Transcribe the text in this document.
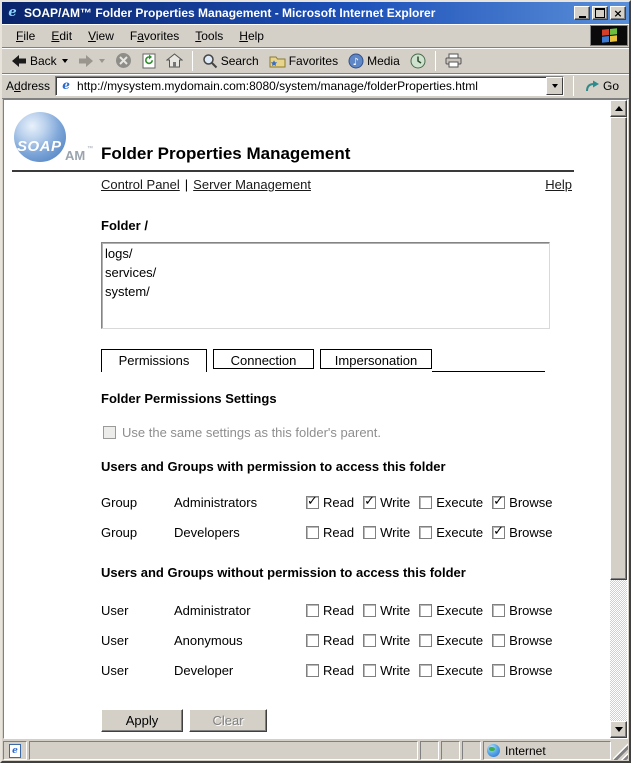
e SOAP/AM™ Folder Properties Management - Microsoft Internet Explorer	×
File	Edit	View	Favorites	Tools	Help
Back	Search	Favorites ♪ Media
Address e http://mysystem.mydomain.com:8080/system/manage/folderProperties.html	Go
SOAP
AM ™ Folder Properties Management
Control Panel | Server Management	Help
Folder /
logs/
services/
system/
Permissions	Connection	Impersonation
Folder Permissions Settings
Use the same settings as this folder's parent.
Users and Groups with permission to access this folder
Group	Administrators ✓	Read ✓ Write Execute ✓ Browse
Group	Developers	Read Write Execute ✓ Browse
Users and Groups without permission to access this folder
User	Administrator	Read Write Execute Browse
User	Anonymous	Read Write Execute Browse
User	Developer	Read Write Execute Browse
Apply	Clear
e	Internet
